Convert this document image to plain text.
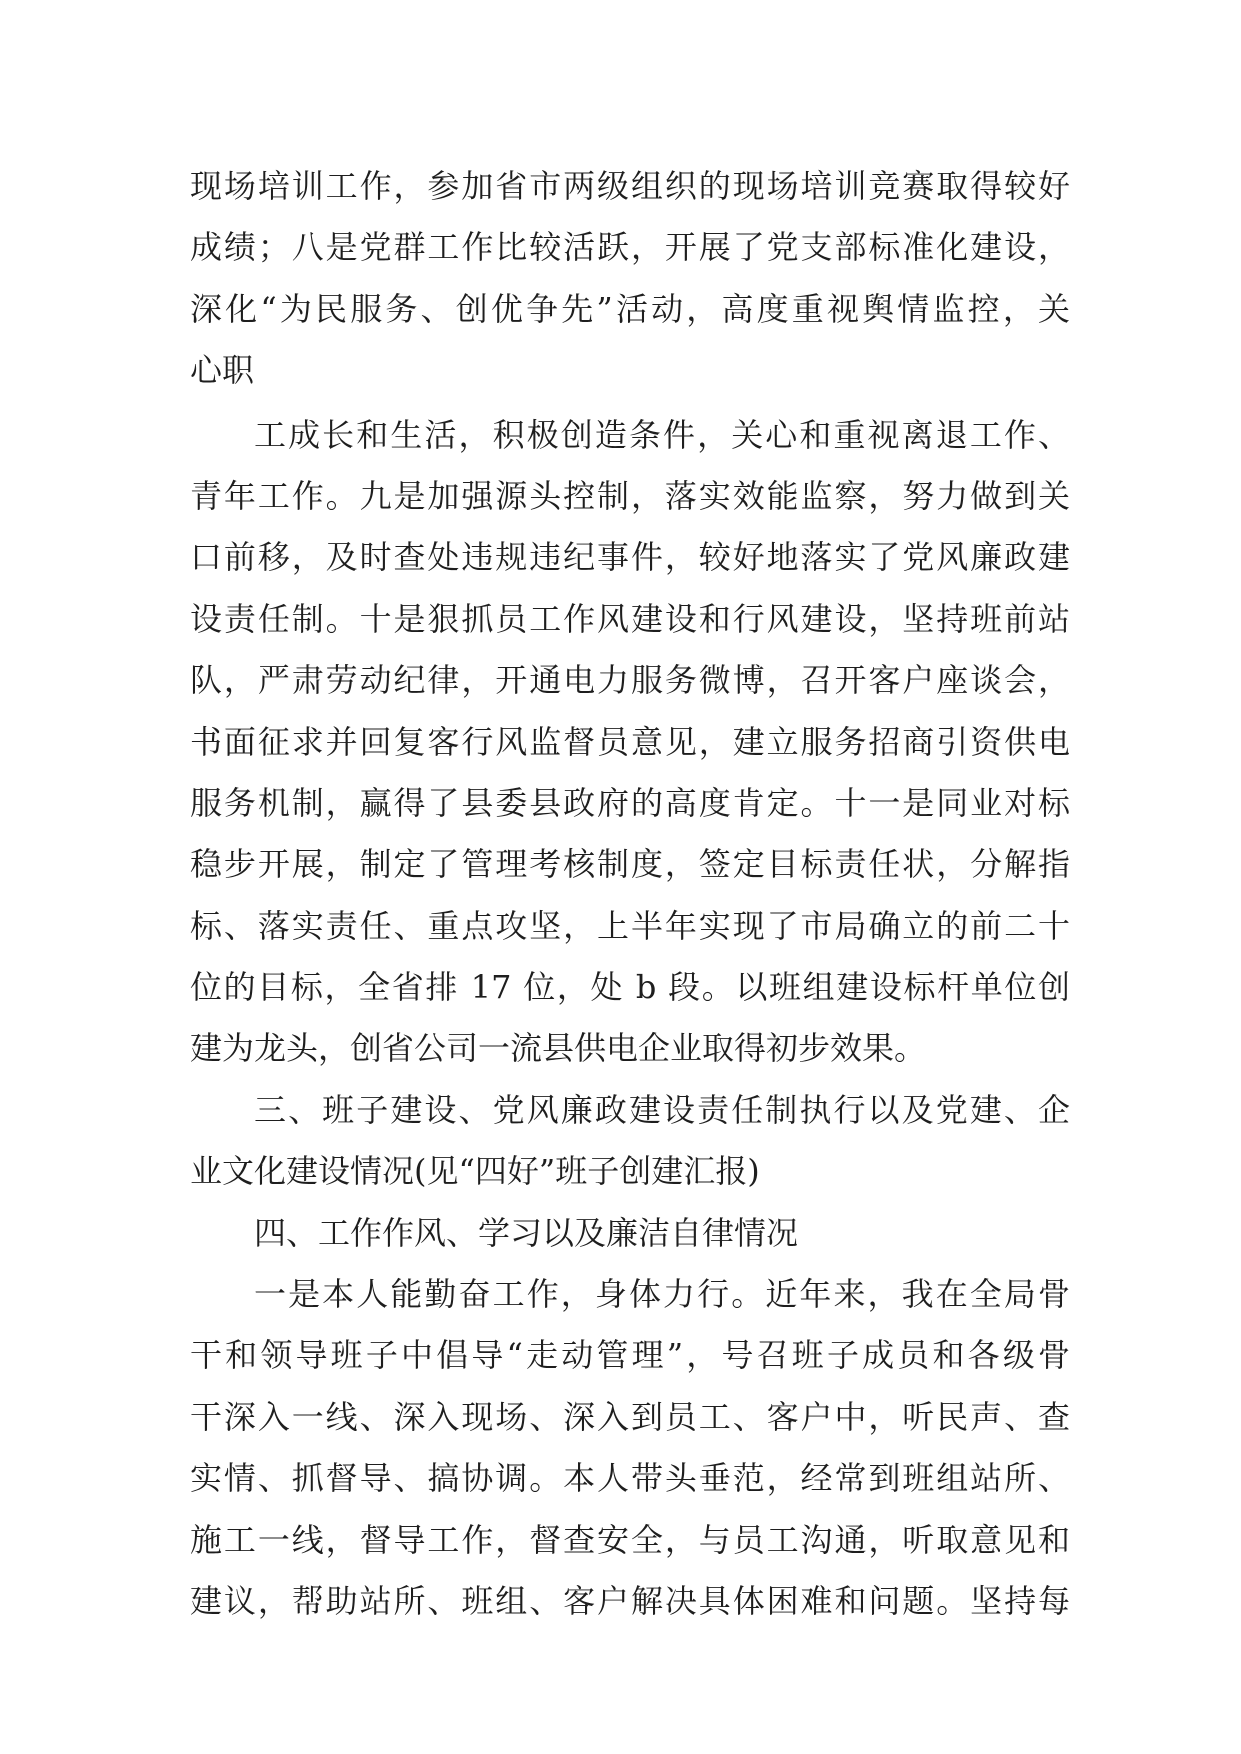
现场培训工作，参加省市两级组织的现场培训竞赛取得较好
成绩；八是党群工作比较活跃，开展了党支部标准化建设，
深化“为民服务、创优争先”活动，高度重视舆情监控，关
心职
工成长和生活，积极创造条件，关心和重视离退工作、
青年工作。九是加强源头控制，落实效能监察，努力做到关
口前移，及时查处违规违纪事件，较好地落实了党风廉政建
设责任制。十是狠抓员工作风建设和行风建设，坚持班前站
队，严肃劳动纪律，开通电力服务微博，召开客户座谈会，
书面征求并回复客行风监督员意见，建立服务招商引资供电
服务机制，赢得了县委县政府的高度肯定。十一是同业对标
稳步开展，制定了管理考核制度，签定目标责任状，分解指
标、落实责任、重点攻坚，上半年实现了市局确立的前二十
位的目标，全省排 17 位，处 b 段。以班组建设标杆单位创
建为龙头，创省公司一流县供电企业取得初步效果。
三、班子建设、党风廉政建设责任制执行以及党建、企
业文化建设情况(见“四好”班子创建汇报)
四、工作作风、学习以及廉洁自律情况
一是本人能勤奋工作，身体力行。近年来，我在全局骨
干和领导班子中倡导“走动管理”，号召班子成员和各级骨
干深入一线、深入现场、深入到员工、客户中，听民声、查
实情、抓督导、搞协调。本人带头垂范，经常到班组站所、
施工一线，督导工作，督查安全，与员工沟通，听取意见和
建议，帮助站所、班组、客户解决具体困难和问题。坚持每
